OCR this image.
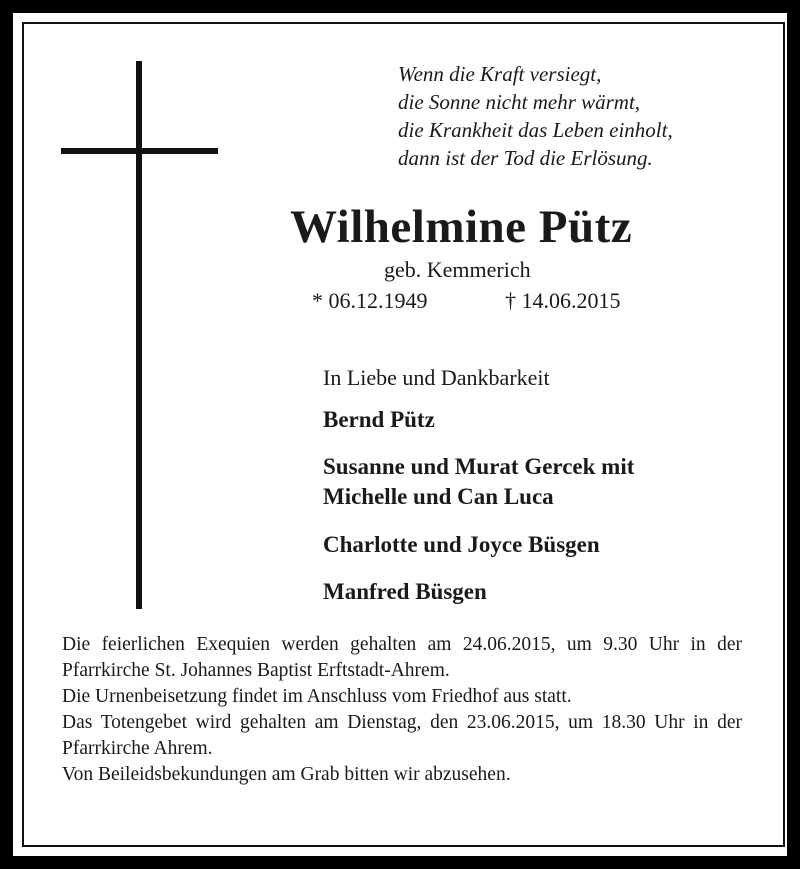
Wenn die Kraft versiegt,
die Sonne nicht mehr wärmt,
die Krankheit das Leben einholt,
dann ist der Tod die Erlösung.
Wilhelmine Pütz
geb. Kemmerich
* 06.12.1949	† 14.06.2015
In Liebe und Dankbarkeit
Bernd Pütz
Susanne und Murat Gercek mit
Michelle und Can Luca
Charlotte und Joyce Büsgen
Manfred Büsgen

Die feierlichen Exequien werden gehalten am 24.06.2015, um 9.30 Uhr in der Pfarrkirche St. Johannes Baptist Erftstadt-Ahrem.

Die Urnenbeisetzung findet im Anschluss vom Friedhof aus statt.

Das Totengebet wird gehalten am Dienstag, den 23.06.2015, um 18.30 Uhr in der Pfarrkirche Ahrem.

Von Beileidsbekundungen am Grab bitten wir abzusehen.
